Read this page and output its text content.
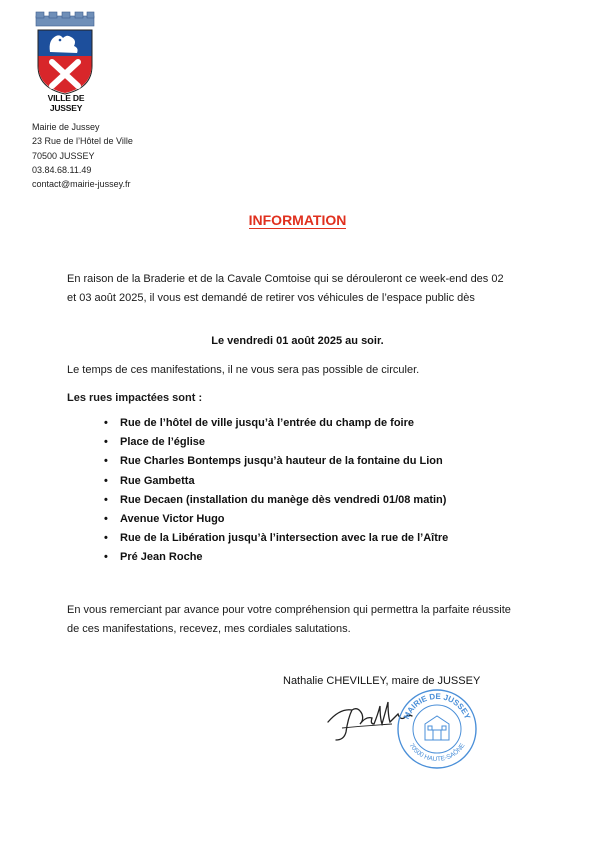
VILLE DE JUSSEY
Mairie de Jussey
23 Rue de l’Hôtel de Ville
70500 JUSSEY
03.84.68.11.49
contact@mairie-jussey.fr
INFORMATION
En raison de la Braderie et de la Cavale Comtoise qui se dérouleront ce week-end des 02 et 03 août 2025, il vous est demandé de retirer vos véhicules de l’espace public dès
Le vendredi 01 août 2025 au soir.
Le temps de ces manifestations, il ne vous sera pas possible de circuler.
Les rues impactées sont :
• Rue de l’hôtel de ville jusqu’à l’entrée du champ de foire
• Place de l’église
• Rue Charles Bontemps jusqu’à hauteur de la fontaine du Lion
• Rue Gambetta
• Rue Decaen (installation du manège dès vendredi 01/08 matin)
• Avenue Victor Hugo
• Rue de la Libération jusqu’à l’intersection avec la rue de l’Aître
• Pré Jean Roche
En vous remerciant par avance pour votre compréhension qui permettra la parfaite réussite de ces manifestations, recevez, mes cordiales salutations.
Nathalie CHEVILLEY, maire de JUSSEY
MAIRIE DE JUSSEY
70500 HAUTE-SAÔNE
